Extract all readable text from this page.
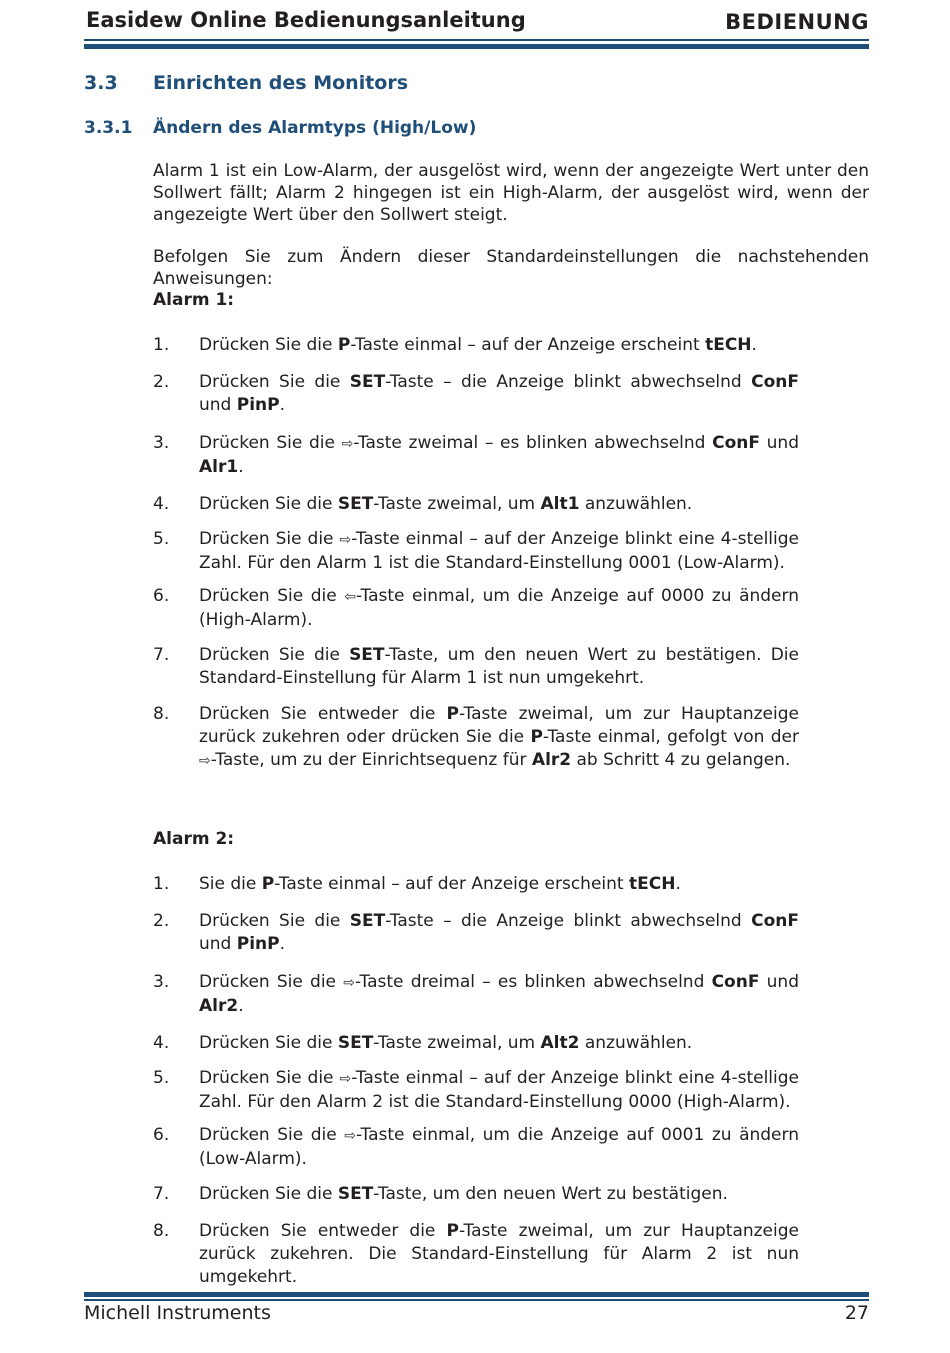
Easidew Online Bedienungsanleitung	BEDIENUNG
3.3 Einrichten des Monitors
3.3.1 Ändern des Alarmtyps (High/Low)
Alarm 1 ist ein Low-Alarm, der ausgelöst wird, wenn der angezeigte Wert unter den Sollwert fällt; Alarm 2 hingegen ist ein High-Alarm, der ausgelöst wird, wenn der angezeigte Wert über den Sollwert steigt.
Befolgen Sie zum Ändern dieser Standardeinstellungen die nachstehenden Anweisungen:
Alarm 1:
1. Drücken Sie die P-Taste einmal – auf der Anzeige erscheint tECH.
2. Drücken Sie die SET-Taste – die Anzeige blinkt abwechselnd ConF und PinP.
3. Drücken Sie die ⇨-Taste zweimal – es blinken abwechselnd ConF und Alr1.
4. Drücken Sie die SET-Taste zweimal, um Alt1 anzuwählen.
5. Drücken Sie die ⇨-Taste einmal – auf der Anzeige blinkt eine 4-stellige Zahl. Für den Alarm 1 ist die Standard-Einstellung 0001 (Low-Alarm).
6. Drücken Sie die ⇦-Taste einmal, um die Anzeige auf 0000 zu ändern (High-Alarm).
7. Drücken Sie die SET-Taste, um den neuen Wert zu bestätigen. Die Standard-Einstellung für Alarm 1 ist nun umgekehrt.
8. Drücken Sie entweder die P-Taste zweimal, um zur Hauptanzeige zurück zukehren oder drücken Sie die P-Taste einmal, gefolgt von der ⇨-Taste, um zu der Einrichtsequenz für Alr2 ab Schritt 4 zu gelangen.
Alarm 2:
1. Sie die P-Taste einmal – auf der Anzeige erscheint tECH.
2. Drücken Sie die SET-Taste – die Anzeige blinkt abwechselnd ConF und PinP.
3. Drücken Sie die ⇨-Taste dreimal – es blinken abwechselnd ConF und Alr2.
4. Drücken Sie die SET-Taste zweimal, um Alt2 anzuwählen.
5. Drücken Sie die ⇨-Taste einmal – auf der Anzeige blinkt eine 4-stellige Zahl. Für den Alarm 2 ist die Standard-Einstellung 0000 (High-Alarm).
6. Drücken Sie die ⇨-Taste einmal, um die Anzeige auf 0001 zu ändern (Low-Alarm).
7. Drücken Sie die SET-Taste, um den neuen Wert zu bestätigen.
8. Drücken Sie entweder die P-Taste zweimal, um zur Hauptanzeige zurück zukehren. Die Standard-Einstellung für Alarm 2 ist nun umgekehrt.
Michell Instruments	27
